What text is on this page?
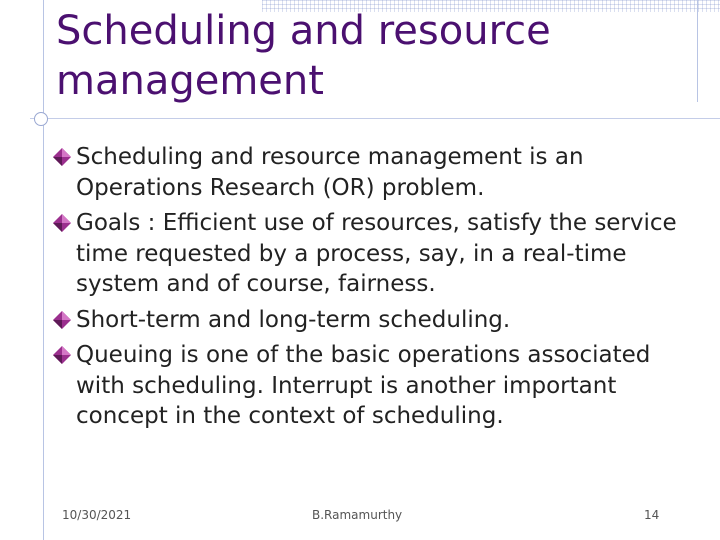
Scheduling and resource
management
Scheduling and resource management is an Operations Research (OR) problem.
Goals : Efficient use of resources, satisfy the service time requested by a process, say, in a real-time system and of course, fairness.
Short-term and long-term scheduling.
Queuing is one of the basic operations associated with scheduling. Interrupt is another important concept in the context of scheduling.
10/30/2021	B.Ramamurthy	14
